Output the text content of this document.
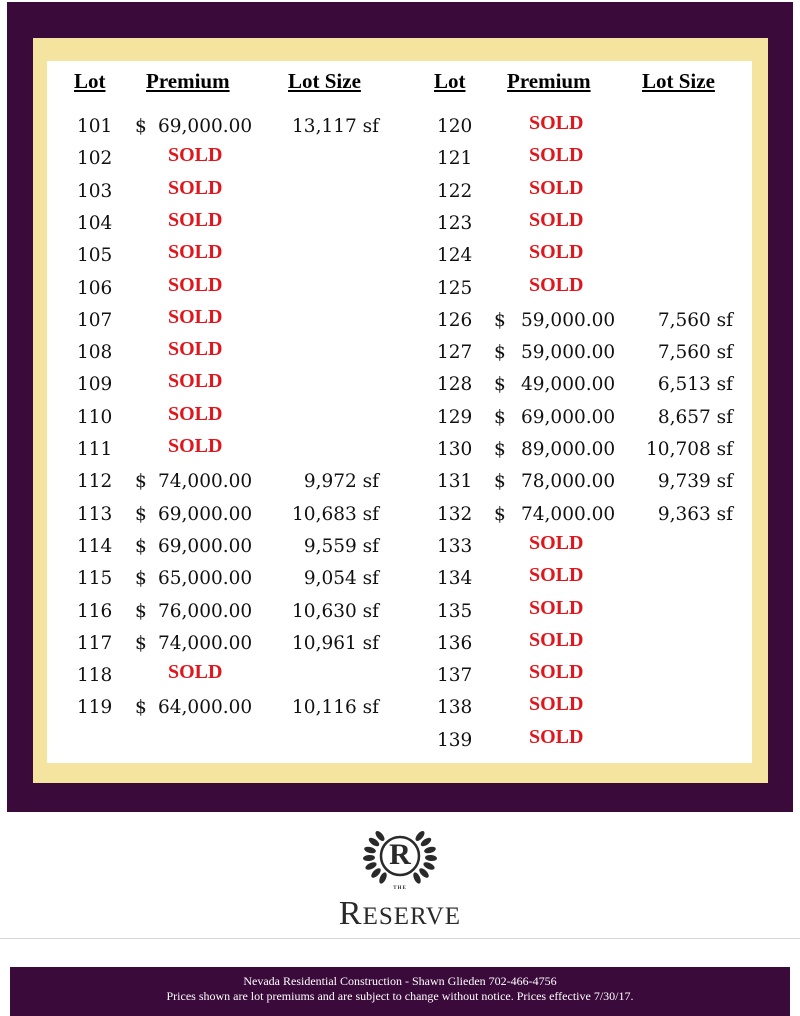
Lot Premium	Lot Size	Lot Premium Lot Size
101 $ 69,000.00 13,117 sf
102	SOLD
103	SOLD
104	SOLD
105	SOLD
106	SOLD
107	SOLD
108	SOLD
109	SOLD
110	SOLD
111	SOLD
112 $ 74,000.00	9,972 sf
113 $ 69,000.00 10,683 sf
114 $ 69,000.00	9,559 sf
115 $ 65,000.00	9,054 sf
116 $ 76,000.00 10,630 sf
117 $ 74,000.00 10,961 sf
118	SOLD
119 $ 64,000.00 10,116 sf
120	SOLD
121	SOLD
122	SOLD
123	SOLD
124	SOLD
125	SOLD
126 $ 59,000.00 7,560 sf
127 $ 59,000.00 7,560 sf
128 $ 49,000.00 6,513 sf
129 $ 69,000.00 8,657 sf
130 $ 89,000.00 10,708 sf
131 $ 78,000.00 9,739 sf
132 $ 74,000.00 9,363 sf
133	SOLD
134	SOLD
135	SOLD
136	SOLD
137	SOLD
138	SOLD
139	SOLD
R
THE
RESERVE
Nevada Residential Construction - Shawn Glieden 702-466-4756
Prices shown are lot premiums and are subject to change without notice. Prices effective 7/30/17.
